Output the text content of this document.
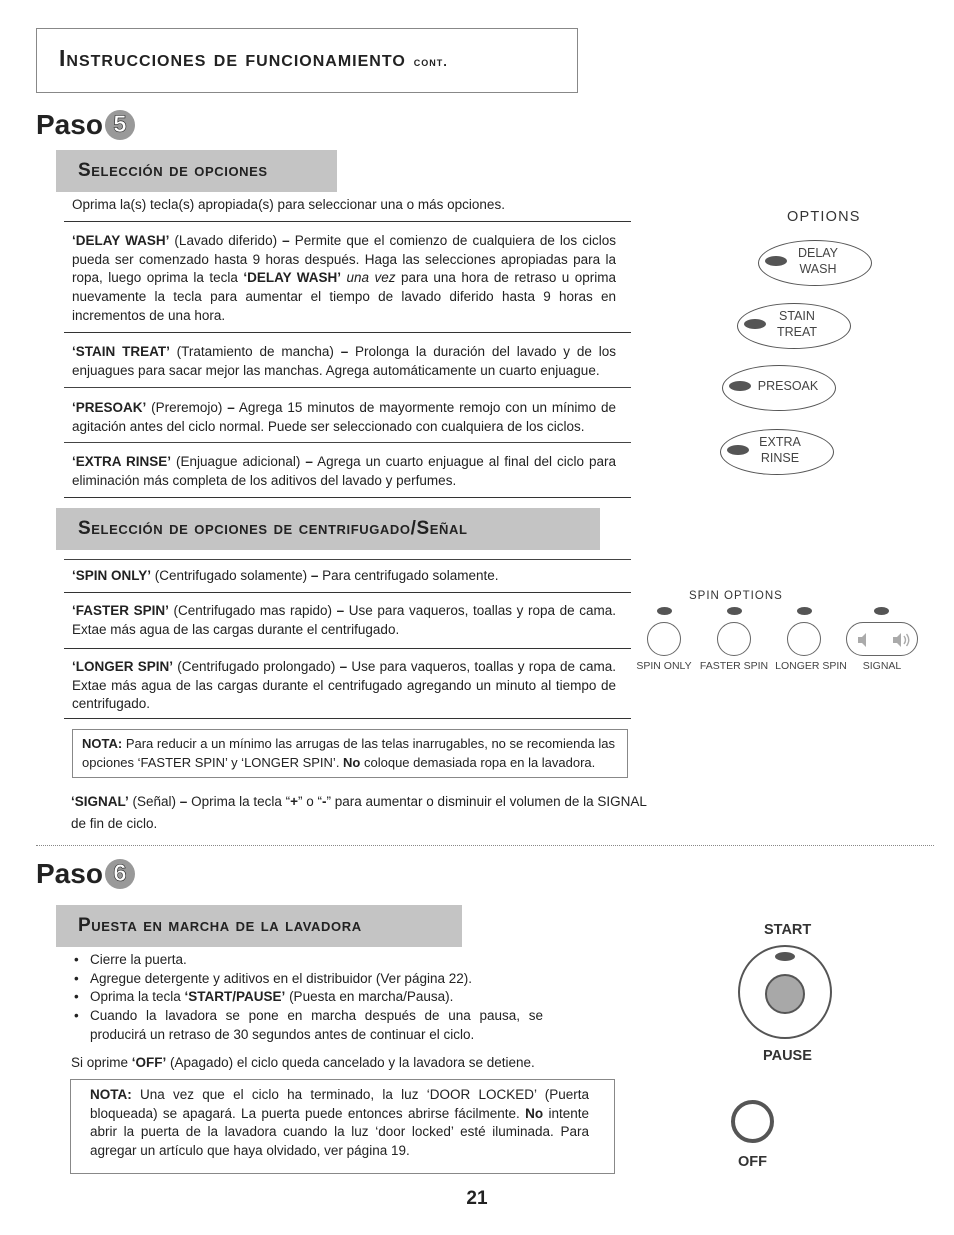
Instrucciones de funcionamiento cont.
Paso 5
Selección de opciones
Oprima la(s) tecla(s) apropiada(s) para seleccionar una o más opciones.
‘DELAY WASH’ (Lavado diferido) – Permite que el comienzo de cualquiera de los ciclos pueda ser comenzado hasta 9 horas después. Haga las selecciones apropiadas para la ropa, luego oprima la tecla ‘DELAY WASH’ una vez para una hora de retraso u oprima nuevamente la tecla para aumentar el tiempo de lavado diferido hasta 9 horas en incrementos de una hora.
‘STAIN TREAT’ (Tratamiento de mancha) – Prolonga la duración del lavado y de los enjuagues para sacar mejor las manchas. Agrega automáticamente un cuarto enjuague.
‘PRESOAK’ (Preremojo) – Agrega 15 minutos de mayormente remojo con un mínimo de agitación antes del ciclo normal. Puede ser seleccionado con cualquiera de los ciclos.
‘EXTRA RINSE’ (Enjuague adicional) – Agrega un cuarto enjuague al final del ciclo para eliminación más completa de los aditivos del lavado y perfumes.
Selección de opciones de centrifugado/Señal
‘SPIN ONLY’ (Centrifugado solamente) – Para centrifugado solamente.
‘FASTER SPIN’ (Centrifugado mas rapido) – Use para vaqueros, toallas y ropa de cama. Extae más agua de las cargas durante el centrifugado.
‘LONGER SPIN’ (Centrifugado prolongado) – Use para vaqueros, toallas y ropa de cama. Extae más agua de las cargas durante el centrifugado agregando un minuto al tiempo de centrifugado.
NOTA: Para reducir a un mínimo las arrugas de las telas inarrugables, no se recomienda las opciones ‘FASTER SPIN’ y ‘LONGER SPIN’. No coloque demasiada ropa en la lavadora.
‘SIGNAL’ (Señal) – Oprima la tecla “+” o “-” para aumentar o disminuir el volumen de la SIGNAL de fin de ciclo.
Paso 6
Puesta en marcha de la lavadora
• Cierre la puerta.
• Agregue detergente y aditivos en el distribuidor (Ver página 22).
• Oprima la tecla ‘START/PAUSE’ (Puesta en marcha/Pausa).
• Cuando la lavadora se pone en marcha después de una pausa, se producirá un retraso de 30 segundos antes de continuar el ciclo.
Si oprime ‘OFF’ (Apagado) el ciclo queda cancelado y la lavadora se detiene.
NOTA: Una vez que el ciclo ha terminado, la luz ‘DOOR LOCKED’ (Puerta bloqueada) se apagará. La puerta puede entonces abrirse fácilmente. No intente abrir la puerta de la lavadora cuando la luz ‘door locked’ esté iluminada. Para agregar un artículo que haya olvidado, ver página 19.
21
OPTIONS
DELAY
WASH
STAIN
TREAT
PRESOAK
EXTRA
RINSE
SPIN OPTIONS
SPIN ONLY FASTER SPIN LONGER SPIN	SIGNAL
START
PAUSE
OFF
